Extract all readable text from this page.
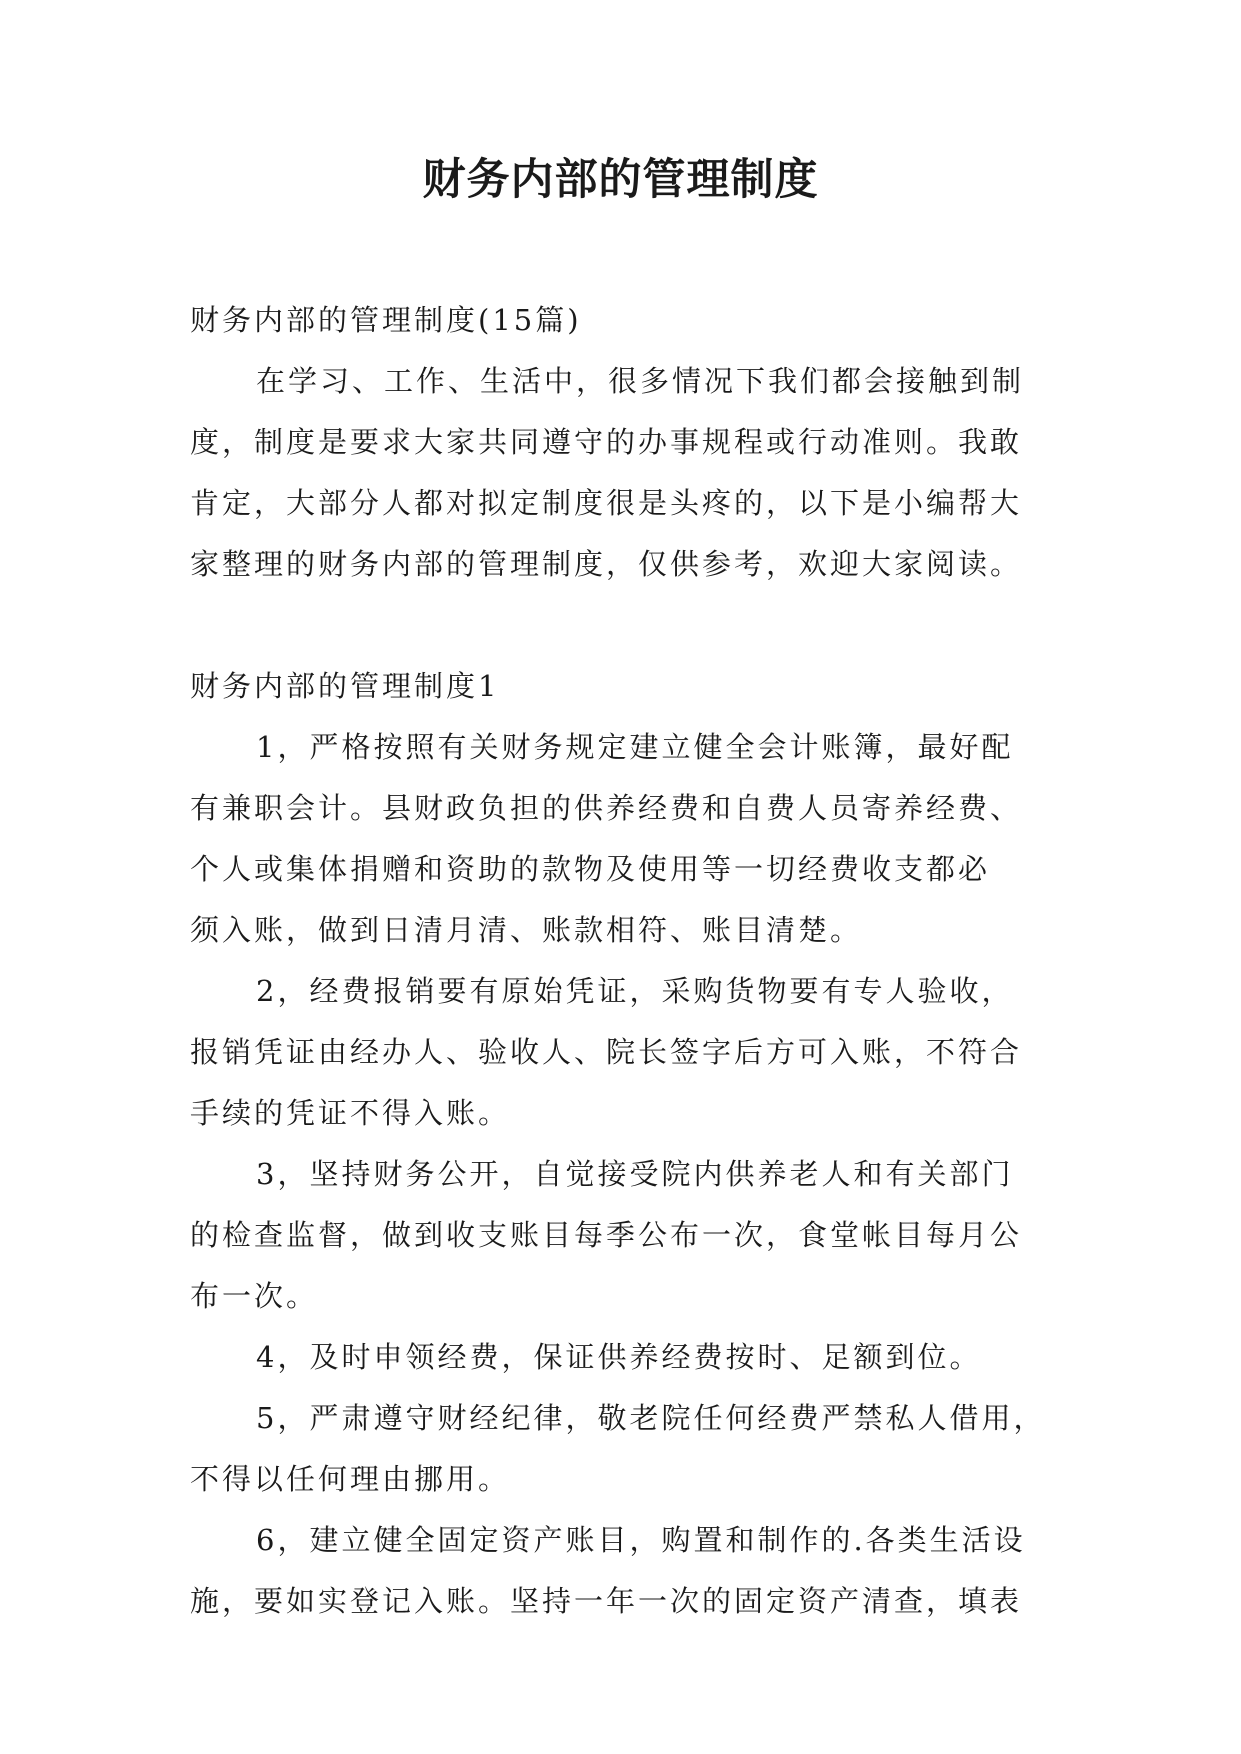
财务内部的管理制度

财务内部的管理制度(15篇)

在学习、工作、生活中，很多情况下我们都会接触到制
度，制度是要求大家共同遵守的办事规程或行动准则。我敢
肯定，大部分人都对拟定制度很是头疼的，以下是小编帮大
家整理的财务内部的管理制度，仅供参考，欢迎大家阅读。

财务内部的管理制度1

1，严格按照有关财务规定建立健全会计账簿，最好配
有兼职会计。县财政负担的供养经费和自费人员寄养经费、
个人或集体捐赠和资助的款物及使用等一切经费收支都必
须入账，做到日清月清、账款相符、账目清楚。

2，经费报销要有原始凭证，采购货物要有专人验收，
报销凭证由经办人、验收人、院长签字后方可入账，不符合
手续的凭证不得入账。

3，坚持财务公开，自觉接受院内供养老人和有关部门
的检查监督，做到收支账目每季公布一次，食堂帐目每月公
布一次。

4，及时申领经费，保证供养经费按时、足额到位。

5，严肃遵守财经纪律，敬老院任何经费严禁私人借用，
不得以任何理由挪用。

6，建立健全固定资产账目，购置和制作的.各类生活设
施，要如实登记入账。坚持一年一次的固定资产清查，填表
